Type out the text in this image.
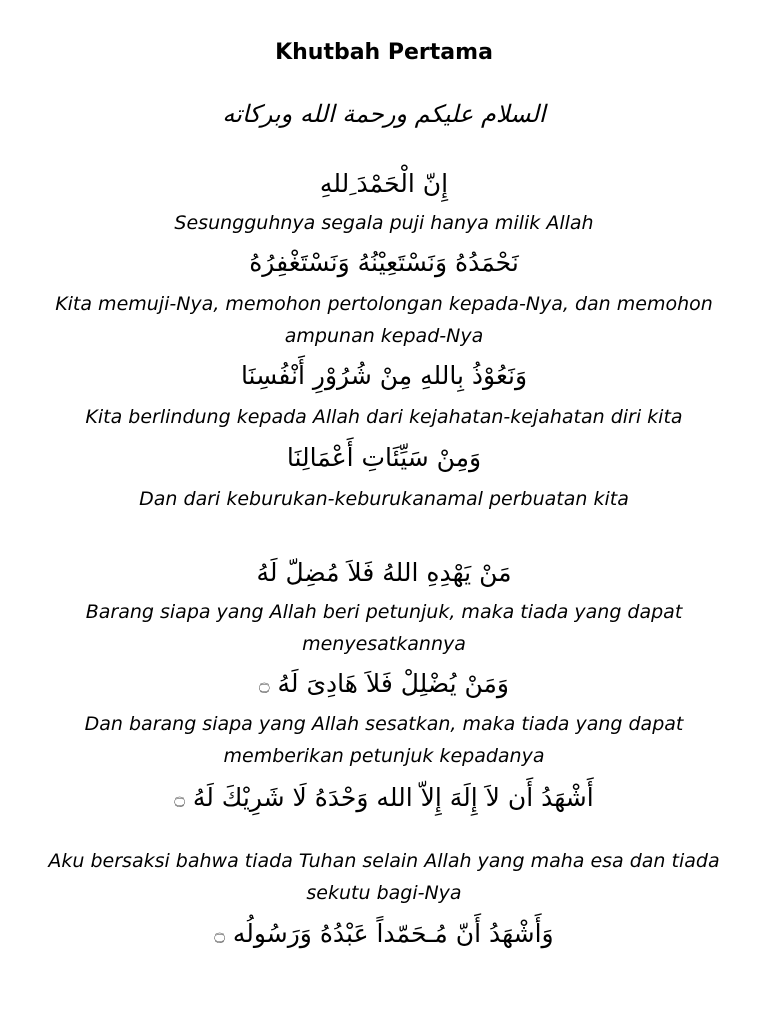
Khutbah Pertama
السلام عليكم ورحمة الله وبركاته
إِنّ الْحَمْدَ ِللهِ
Sesungguhnya segala puji hanya milik Allah
نَحْمَدُهُ وَنَسْتَعِيْنُهُ وَنَسْتَغْفِرُهُ
Kita memuji-Nya, memohon pertolongan kepada-Nya, dan memohon ampunan kepad-Nya
وَنَعُوْذُ بِاللهِ مِنْ شُرُوْرِ أَنْفُسِنَا
Kita berlindung kepada Allah dari kejahatan-kejahatan diri kita
وَمِنْ سَيِّئَاتِ أَعْمَالِنَا
Dan dari keburukan-keburukanamal perbuatan kita
مَنْ يَهْدِهِ اللهُ فَلاَ مُضِلّ لَهُ
Barang siapa yang Allah beri petunjuk, maka tiada yang dapat menyesatkannya
وَمَنْ يُضْلِلْ فَلاَ هَادِىَ لَهُ ۝
Dan barang siapa yang Allah sesatkan, maka tiada yang dapat memberikan petunjuk kepadanya
أَشْهَدُ أَن لاَ إِلَهَ إِلاّ الله وَحْدَهُ لَا شَرِيْكَ لَهُ ۝
Aku bersaksi bahwa tiada Tuhan selain Allah yang maha esa dan tiada sekutu bagi-Nya
وَأَشْهَدُ أَنّ مُـحَمّداً عَبْدُهُ وَرَسُولُه ۝
